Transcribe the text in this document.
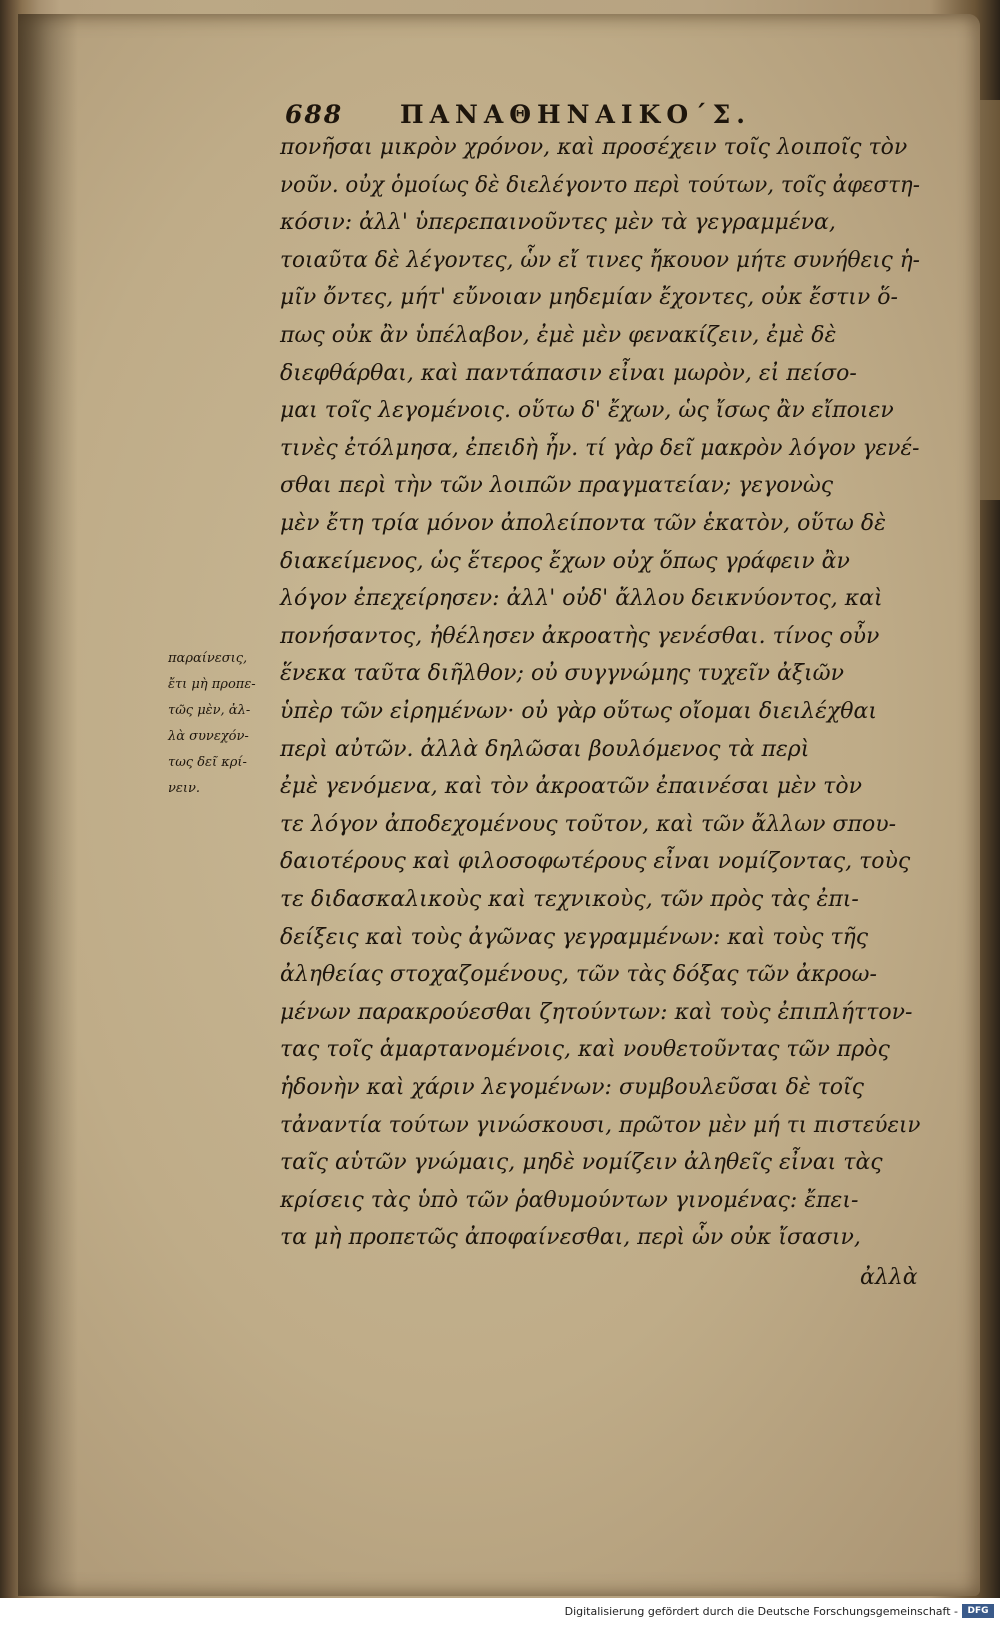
688 ΠΑΝΑΘΗΝΑΙΚΟ΄Σ.
πονῆσαι μικρὸν χρόνον, καὶ προσέχειν τοῖς λοιποῖς τὸν
νοῦν. οὐχ ὁμοίως δὲ διελέγοντο περὶ τούτων, τοῖς ἀφεστη-
κόσιν: ἀλλ' ὑπερεπαινοῦντες μὲν τὰ γεγραμμένα,
τοιαῦτα δὲ λέγοντες, ὧν εἴ τινες ἤκουον μήτε συνήθεις ἡ-
μῖν ὄντες, μήτ' εὔνοιαν μηδεμίαν ἔχοντες, οὐκ ἔστιν ὅ-
πως οὐκ ἂν ὑπέλαβον, ἐμὲ μὲν φενακίζειν, ἐμὲ δὲ
διεφθάρθαι, καὶ παντάπασιν εἶναι μωρὸν, εἰ πείσο-
μαι τοῖς λεγομένοις. οὕτω δ' ἔχων, ὡς ἴσως ἂν εἴποιεν
τινὲς ἐτόλμησα, ἐπειδὴ ἦν. τί γὰρ δεῖ μακρὸν λόγον γενέ-
σθαι περὶ τὴν τῶν λοιπῶν πραγματείαν; γεγονὼς
μὲν ἔτη τρία μόνον ἀπολείποντα τῶν ἑκατὸν, οὕτω δὲ
διακείμενος, ὡς ἕτερος ἔχων οὐχ ὅπως γράφειν ἂν
λόγον ἐπεχείρησεν: ἀλλ' οὐδ' ἄλλου δεικνύοντος, καὶ
πονήσαντος, ἠθέλησεν ἀκροατὴς γενέσθαι. τίνος οὖν
ἕνεκα ταῦτα διῆλθον; οὐ συγγνώμης τυχεῖν ἀξιῶν
ὑπὲρ τῶν εἰρημένων· οὐ γὰρ οὕτως οἴομαι διειλέχθαι
περὶ αὐτῶν. ἀλλὰ δηλῶσαι βουλόμενος τὰ περὶ
ἐμὲ γενόμενα, καὶ τὸν ἀκροατῶν ἐπαινέσαι μὲν τὸν
τε λόγον ἀποδεχομένους τοῦτον, καὶ τῶν ἄλλων σπου-
δαιοτέρους καὶ φιλοσοφωτέρους εἶναι νομίζοντας, τοὺς
τε διδασκαλικοὺς καὶ τεχνικοὺς, τῶν πρὸς τὰς ἐπι-
δείξεις καὶ τοὺς ἀγῶνας γεγραμμένων: καὶ τοὺς τῆς
ἀληθείας στοχαζομένους, τῶν τὰς δόξας τῶν ἀκροω-
μένων παρακρούεσθαι ζητούντων: καὶ τοὺς ἐπιπλήττον-
τας τοῖς ἁμαρτανομένοις, καὶ νουθετοῦντας τῶν πρὸς
ἡδονὴν καὶ χάριν λεγομένων: συμβουλεῦσαι δὲ τοῖς
τἀναντία τούτων γινώσκουσι, πρῶτον μὲν μή τι πιστεύειν
ταῖς αὑτῶν γνώμαις, μηδὲ νομίζειν ἀληθεῖς εἶναι τὰς
κρίσεις τὰς ὑπὸ τῶν ῥαθυμούντων γινομένας: ἔπει-
τα μὴ προπετῶς ἀποφαίνεσθαι, περὶ ὧν οὐκ ἴσασιν,
παραίνεσις,
ἔτι μὴ προπε-
τῶς μὲν, ἀλ-
λὰ συνεχόν-
τως δεῖ κρί-
νειν.
ἀλλὰ
Digitalisierung gefördert durch die Deutsche Forschungsgemeinschaft -	DFG
